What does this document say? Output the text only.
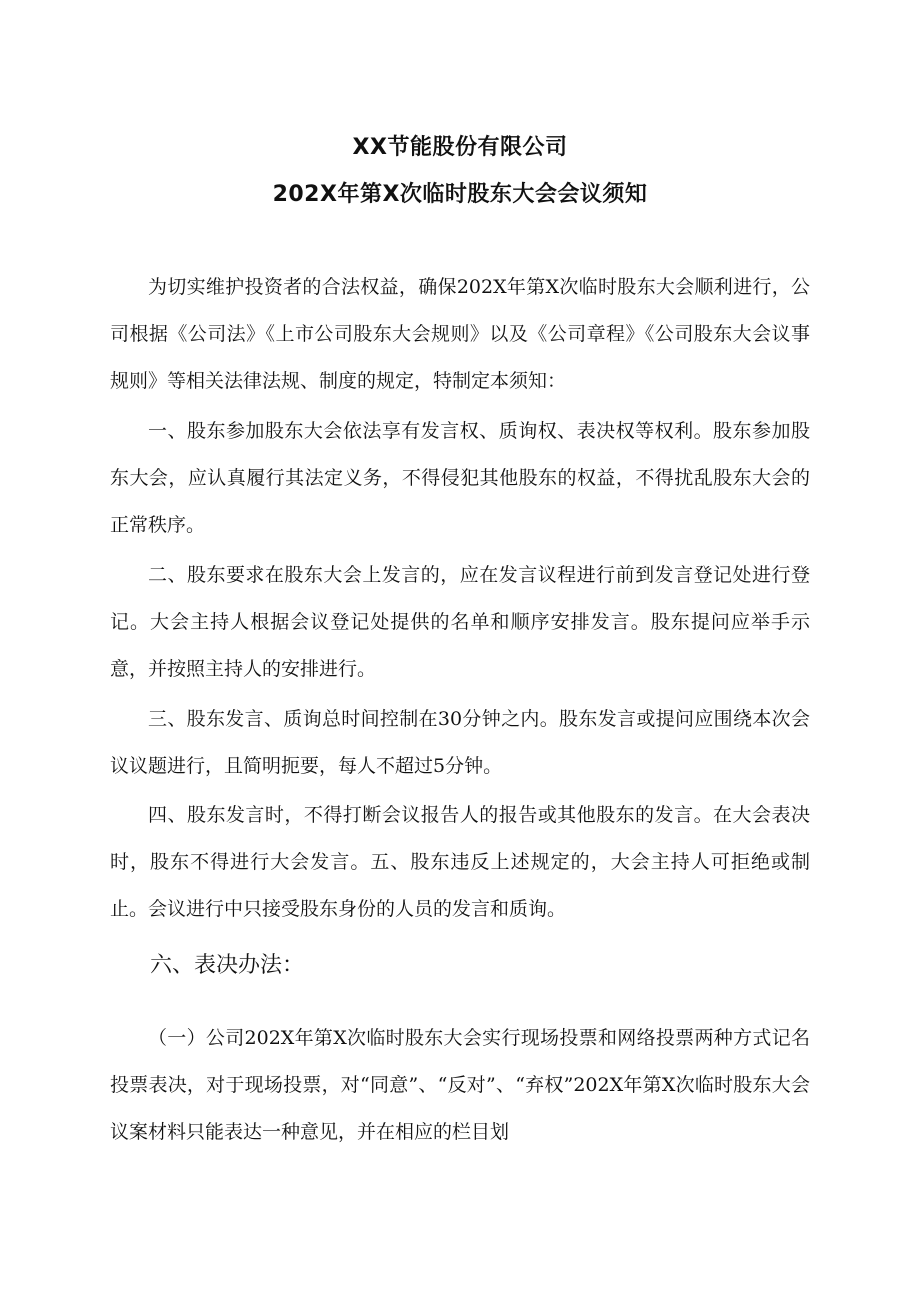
XX节能股份有限公司
202X年第X次临时股东大会会议须知

为切实维护投资者的合法权益，确保202X年第X次临时股东大会顺利进行，公司根据《公司法》《上市公司股东大会规则》以及《公司章程》《公司股东大会议事规则》等相关法律法规、制度的规定，特制定本须知：

一、股东参加股东大会依法享有发言权、质询权、表决权等权利。股东参加股东大会，应认真履行其法定义务，不得侵犯其他股东的权益，不得扰乱股东大会的正常秩序。

二、股东要求在股东大会上发言的，应在发言议程进行前到发言登记处进行登记。大会主持人根据会议登记处提供的名单和顺序安排发言。股东提问应举手示意，并按照主持人的安排进行。

三、股东发言、质询总时间控制在30分钟之内。股东发言或提问应围绕本次会议议题进行，且简明扼要，每人不超过5分钟。

四、股东发言时，不得打断会议报告人的报告或其他股东的发言。在大会表决时，股东不得进行大会发言。五、股东违反上述规定的，大会主持人可拒绝或制止。会议进行中只接受股东身份的人员的发言和质询。

六、表决办法：

（一）公司202X年第X次临时股东大会实行现场投票和网络投票两种方式记名投票表决，对于现场投票，对“同意”、“反对”、“弃权”202X年第X次临时股东大会议案材料只能表达一种意见，并在相应的栏目划
